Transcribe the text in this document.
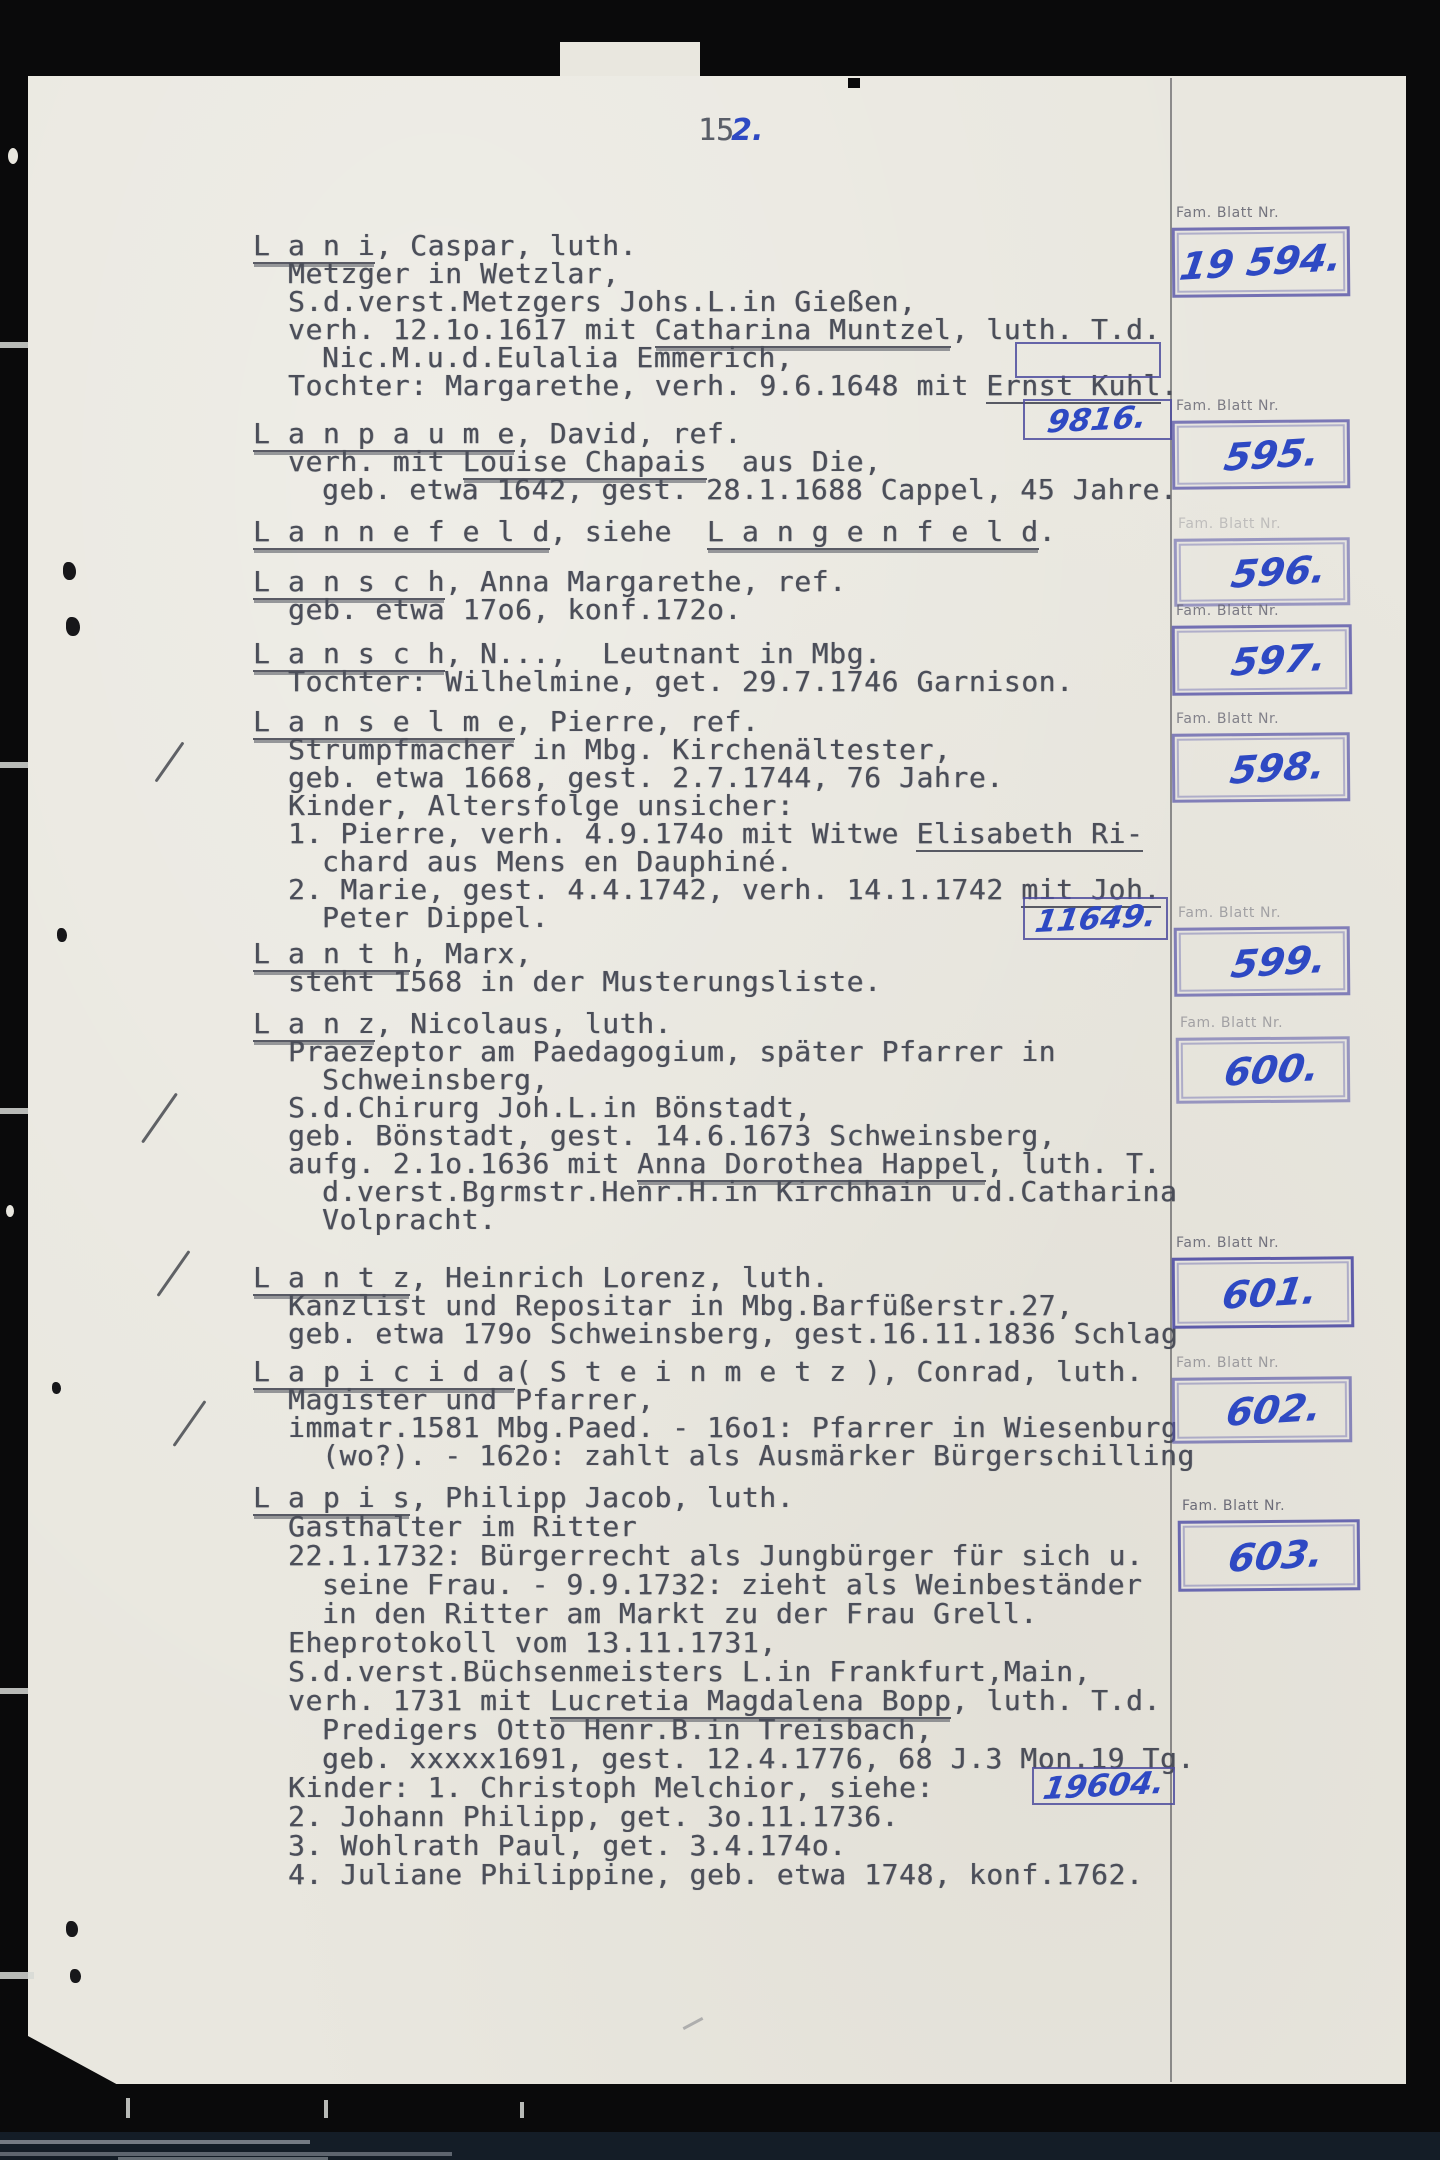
152.
L a n i, Caspar, luth.
Metzger in Wetzlar,
S.d.verst.Metzgers Johs.L.in Gießen,
verh. 12.1o.1617 mit Catharina Muntzel, luth. T.d.
Nic.M.u.d.Eulalia Emmerich,
Tochter: Margarethe, verh. 9.6.1648 mit Ernst Kuhl.
L a n p a u m e, David, ref.
verh. mit Louise Chapais  aus Die,
geb. etwa 1642, gest. 28.1.1688 Cappel, 45 Jahre.
L a n n e f e l d, siehe  L a n g e n f e l d.
L a n s c h, Anna Margarethe, ref.
geb. etwa 17o6, konf.172o.
L a n s c h, N...,  Leutnant in Mbg.
Tochter: Wilhelmine, get. 29.7.1746 Garnison.
L a n s e l m e, Pierre, ref.
Strumpfmacher in Mbg. Kirchenältester,
geb. etwa 1668, gest. 2.7.1744, 76 Jahre.
Kinder, Altersfolge unsicher:
1. Pierre, verh. 4.9.174o mit Witwe Elisabeth Ri-
chard aus Mens en Dauphiné.
2. Marie, gest. 4.4.1742, verh. 14.1.1742 mit Joh.
Peter Dippel.
L a n t h, Marx,
steht 1568 in der Musterungsliste.
L a n z, Nicolaus, luth.
Praezeptor am Paedagogium, später Pfarrer in
Schweinsberg,
S.d.Chirurg Joh.L.in Bönstadt,
geb. Bönstadt, gest. 14.6.1673 Schweinsberg,
aufg. 2.1o.1636 mit Anna Dorothea Happel, luth. T.
d.verst.Bgrmstr.Henr.H.in Kirchhain u.d.Catharina
Volpracht.
L a n t z, Heinrich Lorenz, luth.
Kanzlist und Repositar in Mbg.Barfüßerstr.27,
geb. etwa 179o Schweinsberg, gest.16.11.1836 Schlag
L a p i c i d a( S t e i n m e t z ), Conrad, luth.
Magister und Pfarrer,
immatr.1581 Mbg.Paed. - 16o1: Pfarrer in Wiesenburg
(wo?). - 162o: zahlt als Ausmärker Bürgerschilling
L a p i s, Philipp Jacob, luth.
Gasthalter im Ritter
22.1.1732: Bürgerrecht als Jungbürger für sich u.
seine Frau. - 9.9.1732: zieht als Weinbeständer
in den Ritter am Markt zu der Frau Grell.
Eheprotokoll vom 13.11.1731,
S.d.verst.Büchsenmeisters L.in Frankfurt,Main,
verh. 1731 mit Lucretia Magdalena Bopp, luth. T.d.
Predigers Otto Henr.B.in Treisbach,
geb. xxxxx1691, gest. 12.4.1776, 68 J.3 Mon.19 Tg.
Kinder: 1. Christoph Melchior, siehe:
2. Johann Philipp, get. 3o.11.1736.
3. Wohlrath Paul, get. 3.4.174o.
4. Juliane Philippine, geb. etwa 1748, konf.1762.
Fam. Blatt Nr.
19 594.
Fam. Blatt Nr.
595.
Fam. Blatt Nr.
596.
Fam. Blatt Nr.
597.
Fam. Blatt Nr.
598.
Fam. Blatt Nr.
599.
Fam. Blatt Nr.
600.
Fam. Blatt Nr.
601.
Fam. Blatt Nr.
602.
Fam. Blatt Nr.
603.
9816.
11649.
19604.
